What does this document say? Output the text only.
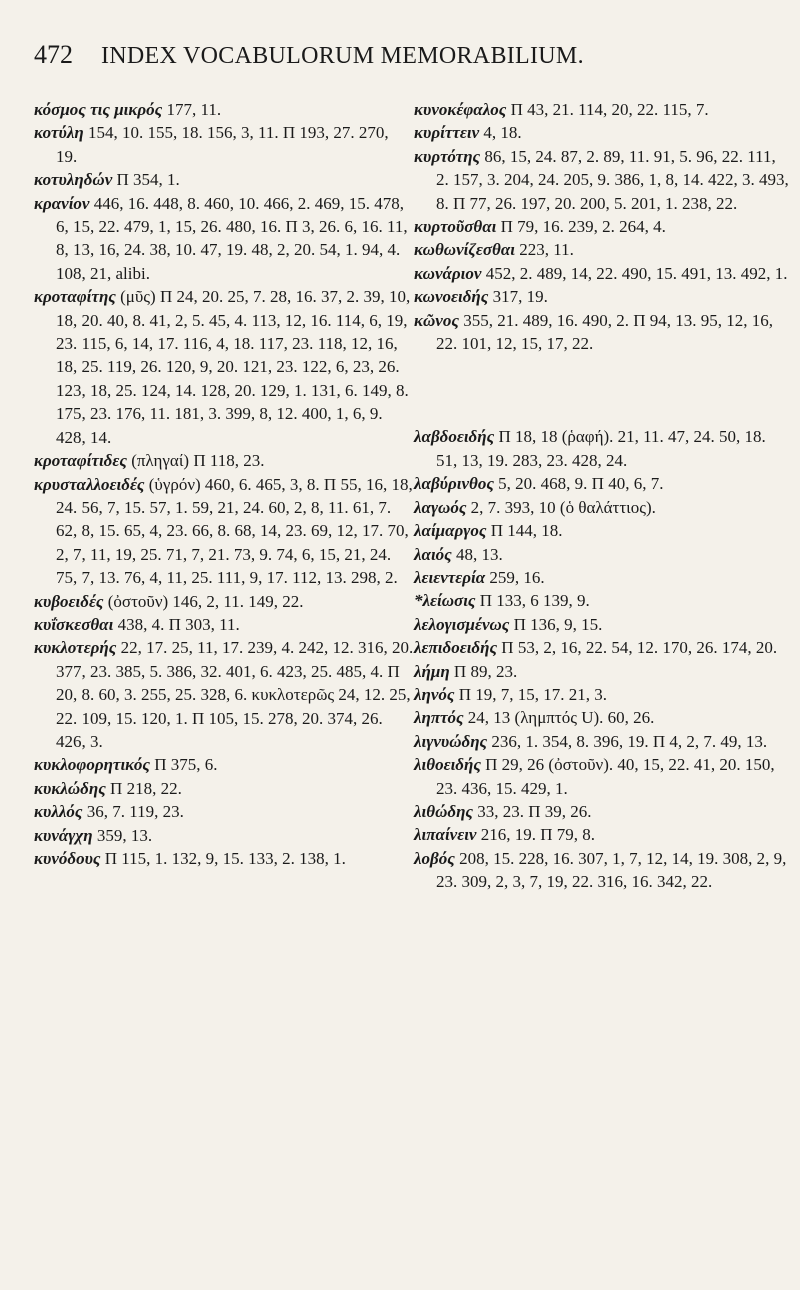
472 INDEX VOCABULORUM MEMORABILIUM.

κόσμος τις μικρός 177, 11.

κοτύλη 154, 10. 155, 18. 156, 3, 11. Π 193, 27. 270, 19.

κοτυληδών Π 354, 1.

κρανίον 446, 16. 448, 8. 460, 10. 466, 2. 469, 15. 478, 6, 15, 22. 479, 1, 15, 26. 480, 16. Π 3, 26. 6, 16. 11, 8, 13, 16, 24. 38, 10. 47, 19. 48, 2, 20. 54, 1. 94, 4. 108, 21, alibi.

κροταφίτης (μῦς) Π 24, 20. 25, 7. 28, 16. 37, 2. 39, 10, 18, 20. 40, 8. 41, 2, 5. 45, 4. 113, 12, 16. 114, 6, 19, 23. 115, 6, 14, 17. 116, 4, 18. 117, 23. 118, 12, 16, 18, 25. 119, 26. 120, 9, 20. 121, 23. 122, 6, 23, 26. 123, 18, 25. 124, 14. 128, 20. 129, 1. 131, 6. 149, 8. 175, 23. 176, 11. 181, 3. 399, 8, 12. 400, 1, 6, 9. 428, 14.

κροταφίτιδες (πληγαί) Π 118, 23.

κρυσταλλοειδές (ὑγρόν) 460, 6. 465, 3, 8. Π 55, 16, 18, 24. 56, 7, 15. 57, 1. 59, 21, 24. 60, 2, 8, 11. 61, 7. 62, 8, 15. 65, 4, 23. 66, 8. 68, 14, 23. 69, 12, 17. 70, 2, 7, 11, 19, 25. 71, 7, 21. 73, 9. 74, 6, 15, 21, 24. 75, 7, 13. 76, 4, 11, 25. 111, 9, 17. 112, 13. 298, 2.

κυβοειδές (ὀστοῦν) 146, 2, 11. 149, 22.

κυΐσκεσθαι 438, 4. Π 303, 11.

κυκλοτερής 22, 17. 25, 11, 17. 239, 4. 242, 12. 316, 20. 377, 23. 385, 5. 386, 32. 401, 6. 423, 25. 485, 4. Π 20, 8. 60, 3. 255, 25. 328, 6. κυκλοτερῶς 24, 12. 25, 22. 109, 15. 120, 1. Π 105, 15. 278, 20. 374, 26. 426, 3.

κυκλοφορητικός Π 375, 6.

κυκλώδης Π 218, 22.

κυλλός 36, 7. 119, 23.

κυνάγχη 359, 13.

κυνόδους Π 115, 1. 132, 9, 15. 133, 2. 138, 1.

κυνοκέφαλος Π 43, 21. 114, 20, 22. 115, 7.

κυρίττειν 4, 18.

κυρτότης 86, 15, 24. 87, 2. 89, 11. 91, 5. 96, 22. 111, 2. 157, 3. 204, 24. 205, 9. 386, 1, 8, 14. 422, 3. 493, 8. Π 77, 26. 197, 20. 200, 5. 201, 1. 238, 22.

κυρτοῦσθαι Π 79, 16. 239, 2. 264, 4.

κωθωνίζεσθαι 223, 11.

κωνάριον 452, 2. 489, 14, 22. 490, 15. 491, 13. 492, 1.

κωνοειδής 317, 19.

κῶνος 355, 21. 489, 16. 490, 2. Π 94, 13. 95, 12, 16, 22. 101, 12, 15, 17, 22.

λαβδοειδής Π 18, 18 (ῥαφή). 21, 11. 47, 24. 50, 18. 51, 13, 19. 283, 23. 428, 24.

λαβύρινθος 5, 20. 468, 9. Π 40, 6, 7.

λαγωός 2, 7. 393, 10 (ὁ θαλάττιος).

λαίμαργος Π 144, 18.

λαιός 48, 13.

λειεντερία 259, 16.

*λείωσις Π 133, 6 139, 9.

λελογισμένως Π 136, 9, 15.

λεπιδοειδής Π 53, 2, 16, 22. 54, 12. 170, 26. 174, 20.

λήμη Π 89, 23.

ληνός Π 19, 7, 15, 17. 21, 3.

ληπτός 24, 13 (λημπτός U). 60, 26.

λιγνυώδης 236, 1. 354, 8. 396, 19. Π 4, 2, 7. 49, 13.

λιθοειδής Π 29, 26 (ὀστοῦν). 40, 15, 22. 41, 20. 150, 23. 436, 15. 429, 1.

λιθώδης 33, 23. Π 39, 26.

λιπαίνειν 216, 19. Π 79, 8.

λοβός 208, 15. 228, 16. 307, 1, 7, 12, 14, 19. 308, 2, 9, 23. 309, 2, 3, 7, 19, 22. 316, 16. 342, 22.
